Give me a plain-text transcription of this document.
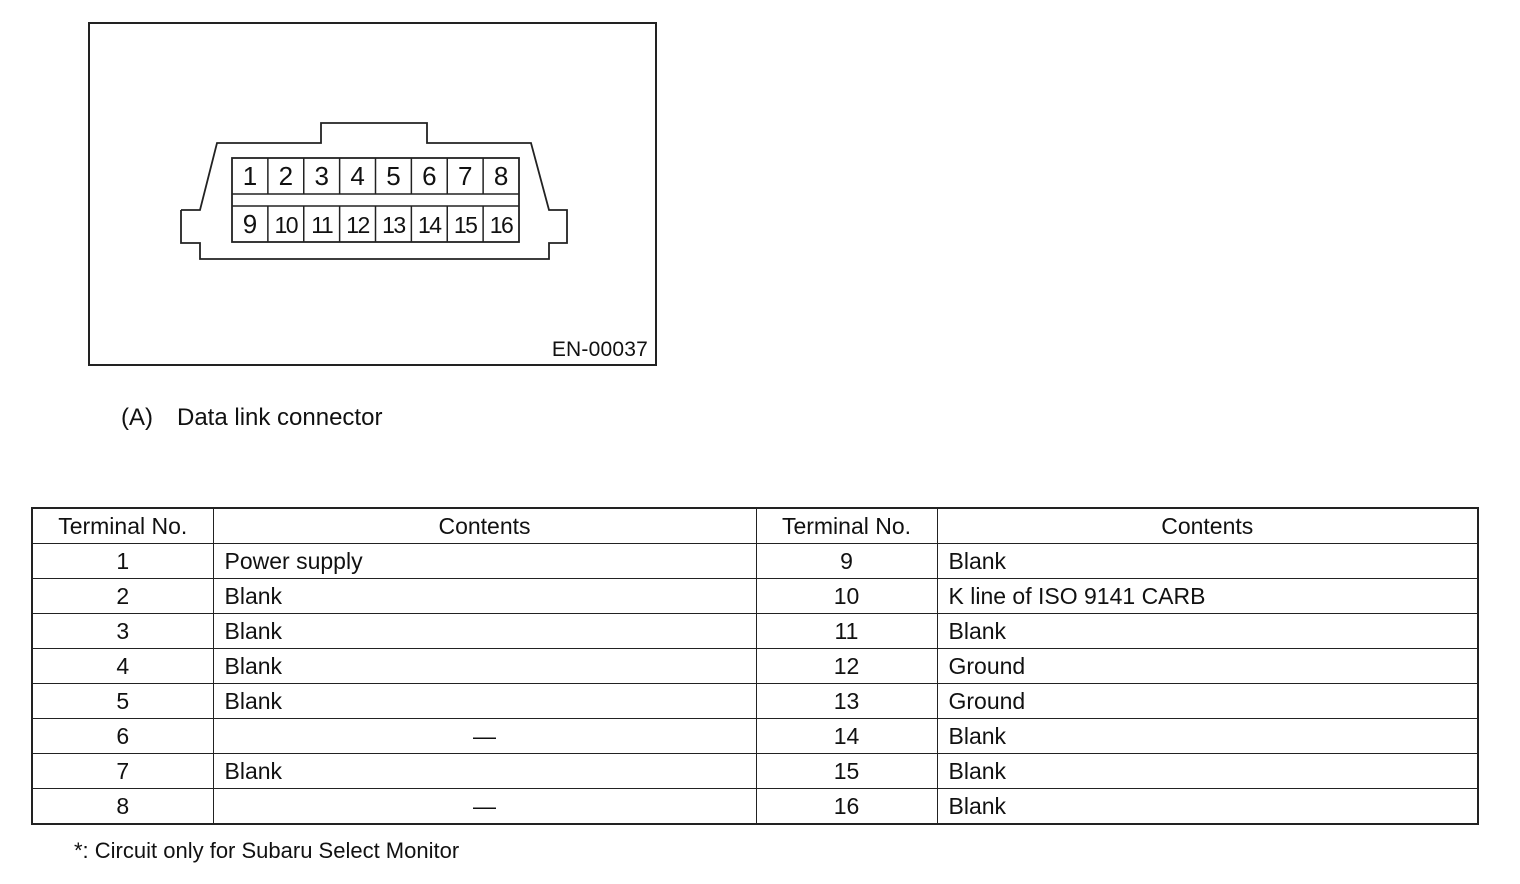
1 2 3 4 5 6 7 8
9 10 11 12 13 14 15 16
EN-00037
(A) Data link connector
Terminal No.	Contents	Terminal No.	Contents
1	Power supply	9	Blank
2	Blank	10	K line of ISO 9141 CARB
3	Blank	11	Blank
4	Blank	12	Ground
5	Blank	13	Ground
6	—	14	Blank
7	Blank	15	Blank
8	—	16	Blank
*: Circuit only for Subaru Select Monitor
